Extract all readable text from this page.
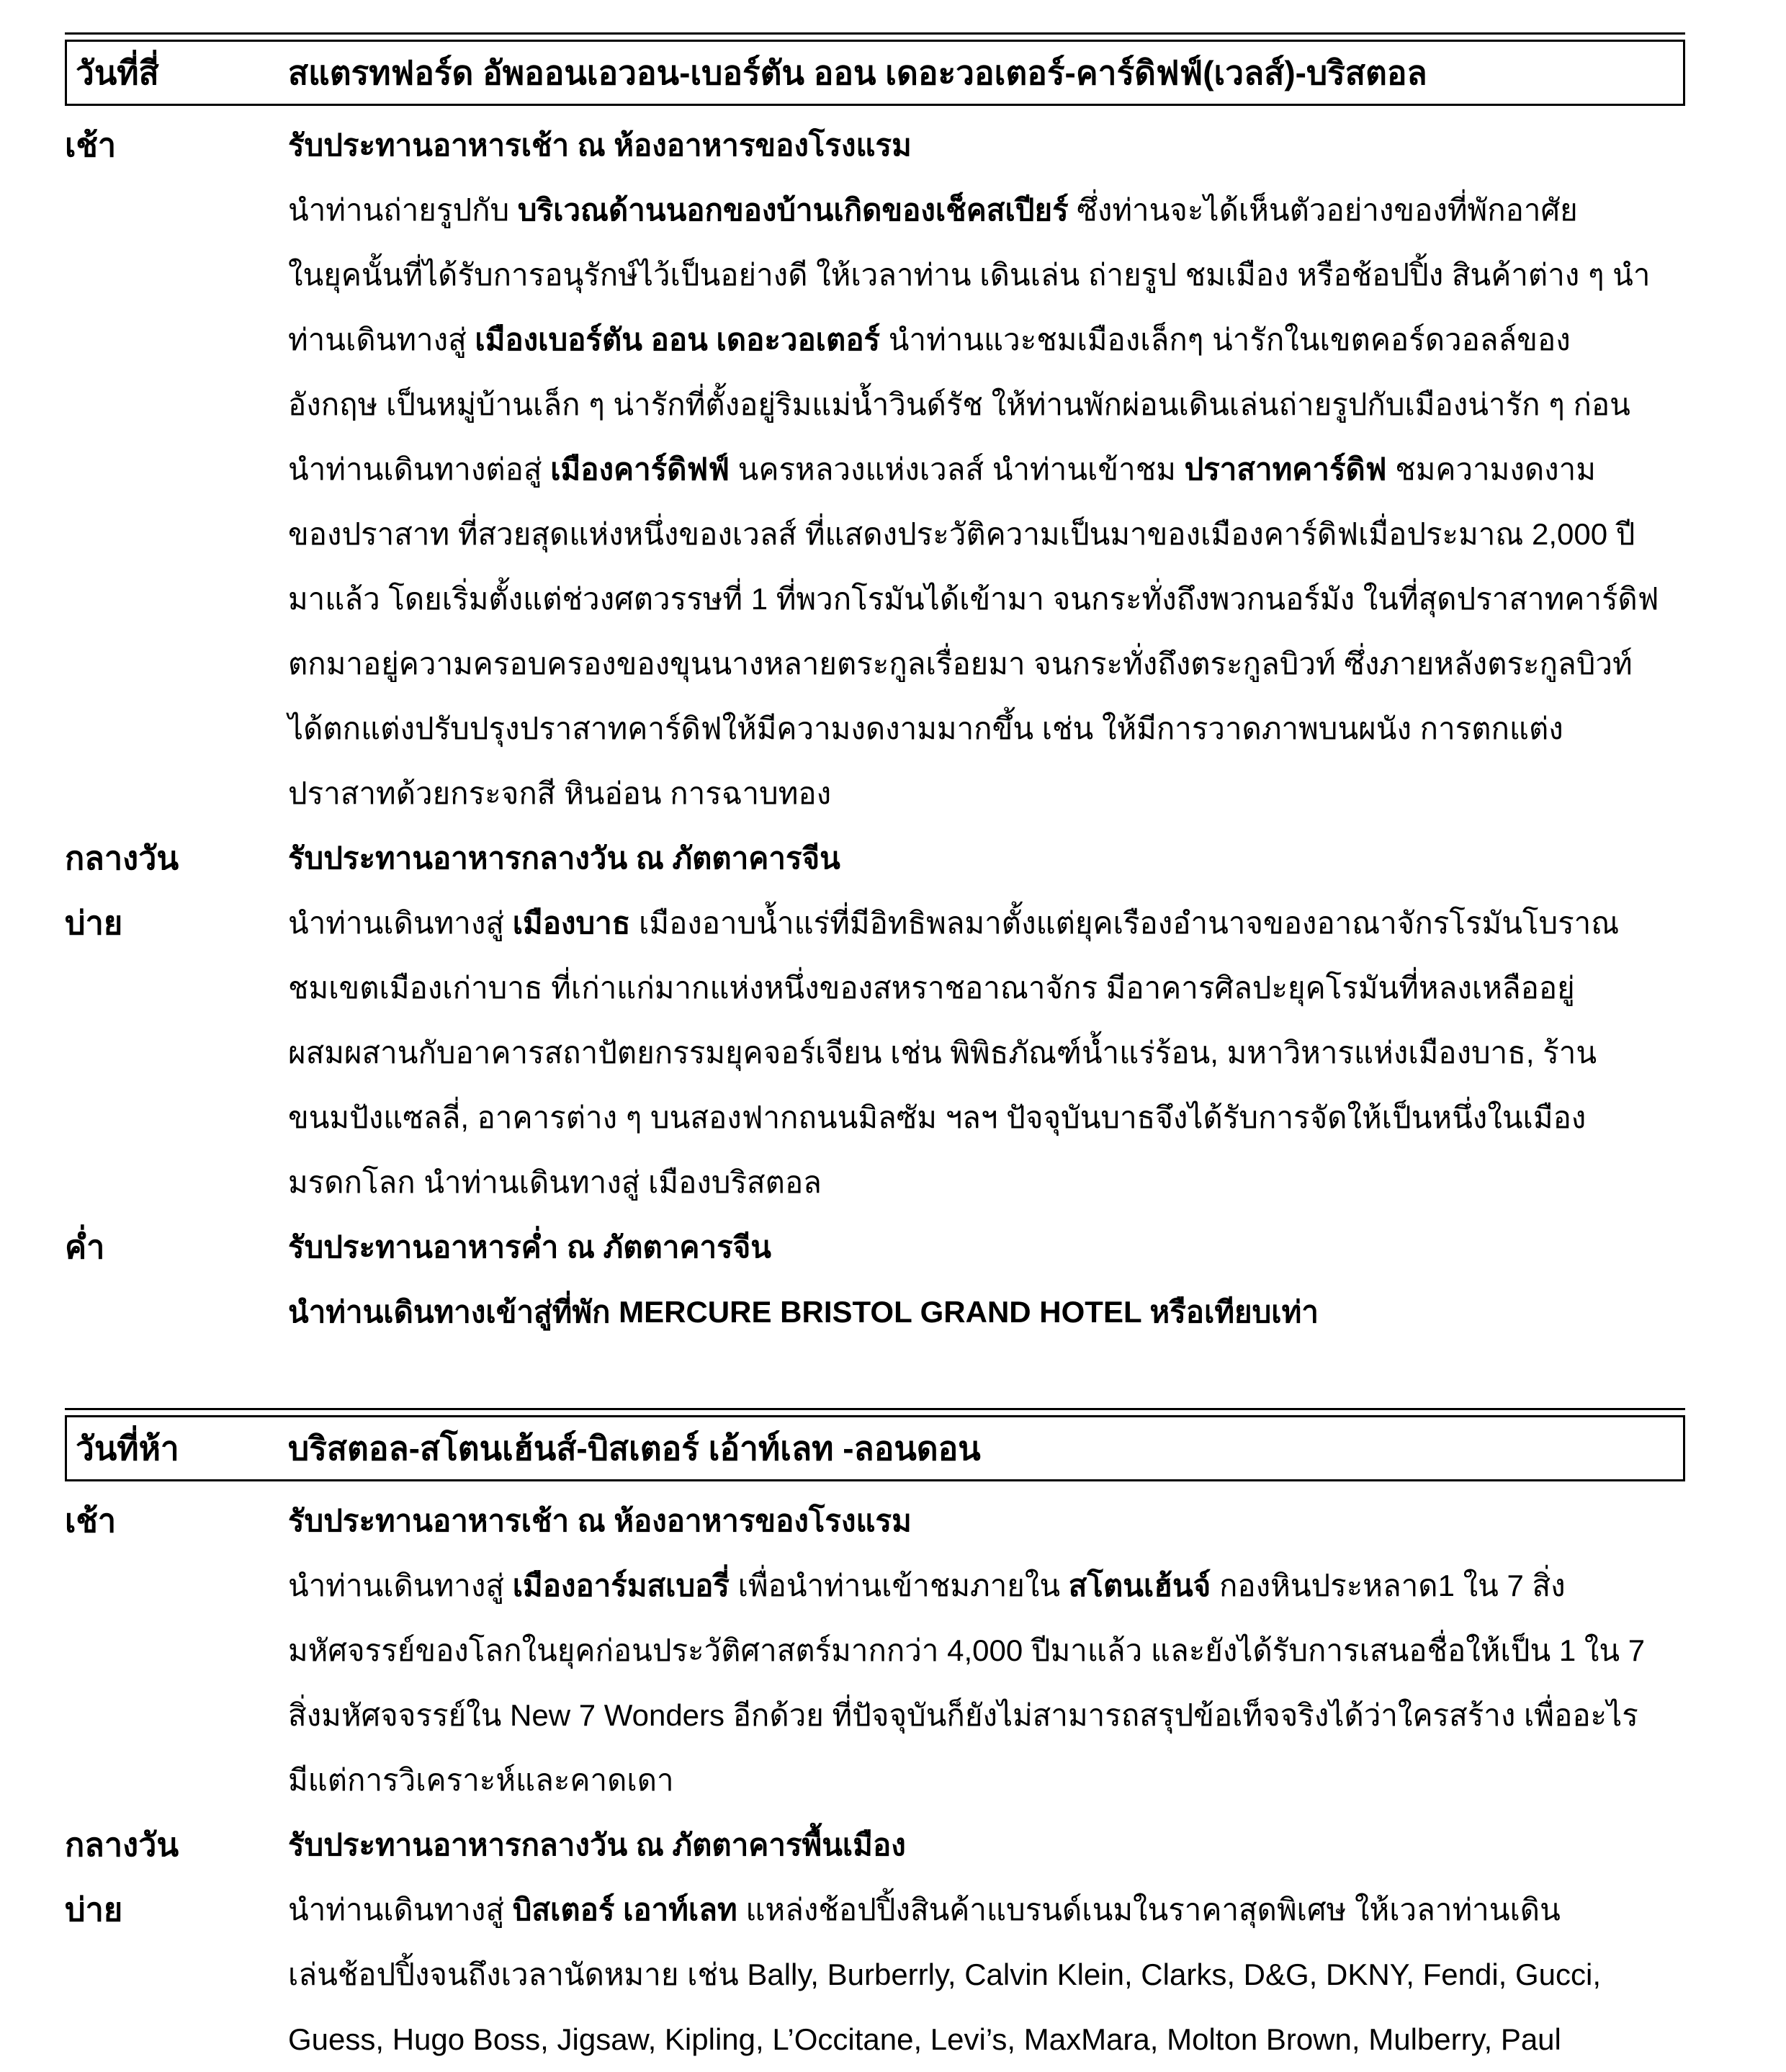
วันที่สี่	สแตรทฟอร์ด อัพออนเอวอน-เบอร์ตัน ออน เดอะวอเตอร์-คาร์ดิฟฟ์(เวลส์)-บริสตอล
เช้า	รับประทานอาหารเช้า ณ ห้องอาหารของโรงแรม
นำท่านถ่ายรูปกับ บริเวณด้านนอกของบ้านเกิดของเช็คสเปียร์ ซึ่งท่านจะได้เห็นตัวอย่างของที่พักอาศัย
ในยุคนั้นที่ได้รับการอนุรักษ์ไว้เป็นอย่างดี ให้เวลาท่าน เดินเล่น ถ่ายรูป ชมเมือง หรือช้อปปิ้ง สินค้าต่าง ๆ นำ
ท่านเดินทางสู่ เมืองเบอร์ตัน ออน เดอะวอเตอร์ นำท่านแวะชมเมืองเล็กๆ น่ารักในเขตคอร์ดวอลล์ของ
อังกฤษ เป็นหมู่บ้านเล็ก ๆ น่ารักที่ตั้งอยู่ริมแม่น้ำวินด์รัช ให้ท่านพักผ่อนเดินเล่นถ่ายรูปกับเมืองน่ารัก ๆ ก่อน
นำท่านเดินทางต่อสู่ เมืองคาร์ดิฟฟ์ นครหลวงแห่งเวลส์ นำท่านเข้าชม ปราสาทคาร์ดิฟ ชมความงดงาม
ของปราสาท ที่สวยสุดแห่งหนึ่งของเวลส์ ที่แสดงประวัติความเป็นมาของเมืองคาร์ดิฟเมื่อประมาณ 2,000 ปี
มาแล้ว โดยเริ่มตั้งแต่ช่วงศตวรรษที่ 1 ที่พวกโรมันได้เข้ามา จนกระทั่งถึงพวกนอร์มัง ในที่สุดปราสาทคาร์ดิฟ
ตกมาอยู่ความครอบครองของขุนนางหลายตระกูลเรื่อยมา จนกระทั่งถึงตระกูลบิวท์ ซึ่งภายหลังตระกูลบิวท์
ได้ตกแต่งปรับปรุงปราสาทคาร์ดิฟให้มีความงดงามมากขึ้น เช่น ให้มีการวาดภาพบนผนัง การตกแต่ง
ปราสาทด้วยกระจกสี หินอ่อน การฉาบทอง
กลางวัน	รับประทานอาหารกลางวัน ณ ภัตตาคารจีน
บ่าย	นำท่านเดินทางสู่ เมืองบาธ เมืองอาบน้ำแร่ที่มีอิทธิพลมาตั้งแต่ยุคเรืองอำนาจของอาณาจักรโรมันโบราณ
ชมเขตเมืองเก่าบาธ ที่เก่าแก่มากแห่งหนึ่งของสหราชอาณาจักร มีอาคารศิลปะยุคโรมันที่หลงเหลืออยู่
ผสมผสานกับอาคารสถาปัตยกรรมยุคจอร์เจียน เช่น พิพิธภัณฑ์น้ำแร่ร้อน, มหาวิหารแห่งเมืองบาธ, ร้าน
ขนมปังแซลลี่, อาคารต่าง ๆ บนสองฟากถนนมิลซัม ฯลฯ ปัจจุบันบาธจึงได้รับการจัดให้เป็นหนึ่งในเมือง
มรดกโลก นำท่านเดินทางสู่ เมืองบริสตอล
ค่ำ	รับประทานอาหารค่ำ ณ ภัตตาคารจีน
นำท่านเดินทางเข้าสู่ที่พัก MERCURE BRISTOL GRAND HOTEL หรือเทียบเท่า
วันที่ห้า	บริสตอล-สโตนเฮ้นส์-บิสเตอร์ เอ้าท์เลท -ลอนดอน
เช้า	รับประทานอาหารเช้า ณ ห้องอาหารของโรงแรม
นำท่านเดินทางสู่ เมืองอาร์มสเบอรี่ เพื่อนำท่านเข้าชมภายใน สโตนเฮ้นจ์ กองหินประหลาด1 ใน 7 สิ่ง
มหัศจรรย์ของโลกในยุคก่อนประวัติศาสตร์มากกว่า 4,000 ปีมาแล้ว และยังได้รับการเสนอชื่อให้เป็น 1 ใน 7
สิ่งมหัศจจรรย์ใน New 7 Wonders อีกด้วย ที่ปัจจุบันก็ยังไม่สามารถสรุปข้อเท็จจริงได้ว่าใครสร้าง เพื่ออะไร
มีแต่การวิเคราะห์และคาดเดา
กลางวัน	รับประทานอาหารกลางวัน ณ ภัตตาคารพื้นเมือง
บ่าย	นำท่านเดินทางสู่ บิสเตอร์ เอาท์เลท แหล่งช้อปปิ้งสินค้าแบรนด์เนมในราคาสุดพิเศษ ให้เวลาท่านเดิน
เล่นช้อปปิ้งจนถึงเวลานัดหมาย เช่น Bally, Burberrly, Calvin Klein, Clarks, D&G, DKNY, Fendi, Gucci,
Guess, Hugo Boss, Jigsaw, Kipling, L’Occitane, Levi’s, MaxMara, Molton Brown, Mulberry, Paul
